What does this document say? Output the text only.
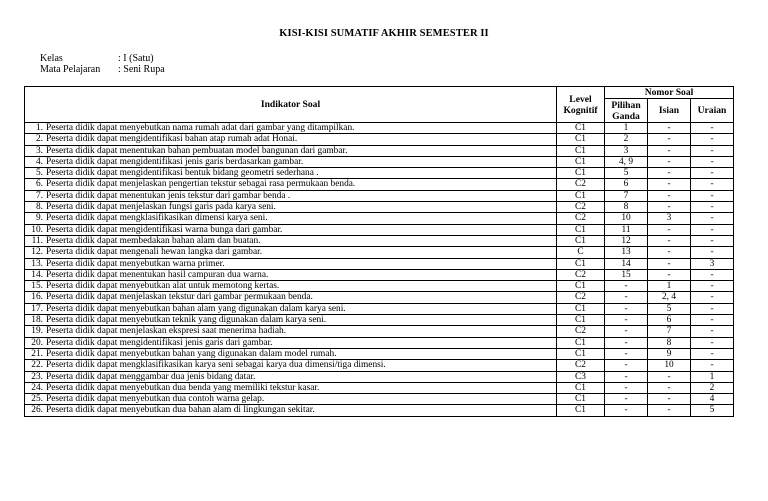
KISI-KISI SUMATIF AKHIR SEMESTER II
Kelas	: I (Satu)
Mata Pelajaran : Seni Rupa
Indikator Soal	Level Kognitif	Nomor Soal		
		Pilihan Ganda	Isian	Uraian
1. Peserta didik dapat menyebutkan nama rumah adat dari gambar yang ditampilkan.	C1	1	-	-
2. Peserta didik dapat mengidentifikasi bahan atap rumah adat Honai.	C1	2	-	-
3. Peserta didik dapat menentukan bahan pembuatan model bangunan dari gambar.	C1	3	-	-
4. Peserta didik dapat mengidentifikasi jenis garis berdasarkan gambar.	C1	4, 9	-	-
5. Peserta didik dapat mengidentifikasi bentuk bidang geometri sederhana .	C1	5	-	-
6. Peserta didik dapat menjelaskan pengertian tekstur sebagai rasa permukaan benda.	C2	6	-	-
7. Peserta didik dapat menentukan jenis tekstur dari gambar benda .	C1	7	-	-
8. Peserta didik dapat menjelaskan fungsi garis pada karya seni.	C2	8	-	-
9. Peserta didik dapat mengklasifikasikan dimensi karya seni.	C2	10	3	-
10. Peserta didik dapat mengidentifikasi warna bunga dari gambar.	C1	11	-	-
11. Peserta didik dapat membedakan bahan alam dan buatan.	C1	12	-	-
12. Peserta didik dapat mengenali hewan langka dari gambar.	C	13	-	-
13. Peserta didik dapat menyebutkan warna primer.	C1	14	-	3
14. Peserta didik dapat menentukan hasil campuran dua warna.	C2	15	-	-
15. Peserta didik dapat menyebutkan alat untuk memotong kertas.	C1	-	1	-
16. Peserta didik dapat menjelaskan tekstur dari gambar permukaan benda.	C2	-	2, 4	-
17. Peserta didik dapat menyebutkan bahan alam yang digunakan dalam karya seni.	C1	-	5	-
18. Peserta didik dapat menyebutkan teknik yang digunakan dalam karya seni.	C1	-	6	-
19. Peserta didik dapat menjelaskan ekspresi saat menerima hadiah.	C2	-	7	-
20. Peserta didik dapat mengidentifikasi jenis garis dari gambar.	C1	-	8	-
21. Peserta didik dapat menyebutkan bahan yang digunakan dalam model rumah.	C1	-	9	-
22. Peserta didik dapat mengklasifikasikan karya seni sebagai karya dua dimensi/tiga dimensi.	C2	-	10	-
23. Peserta didik dapat menggambar dua jenis bidang datar.	C3	-	-	1
24. Peserta didik dapat menyebutkan dua benda yang memiliki tekstur kasar.	C1	-	-	2
25. Peserta didik dapat menyebutkan dua contoh warna gelap.	C1	-	-	4
26. Peserta didik dapat menyebutkan dua bahan alam di lingkungan sekitar.	C1	-	-	5
